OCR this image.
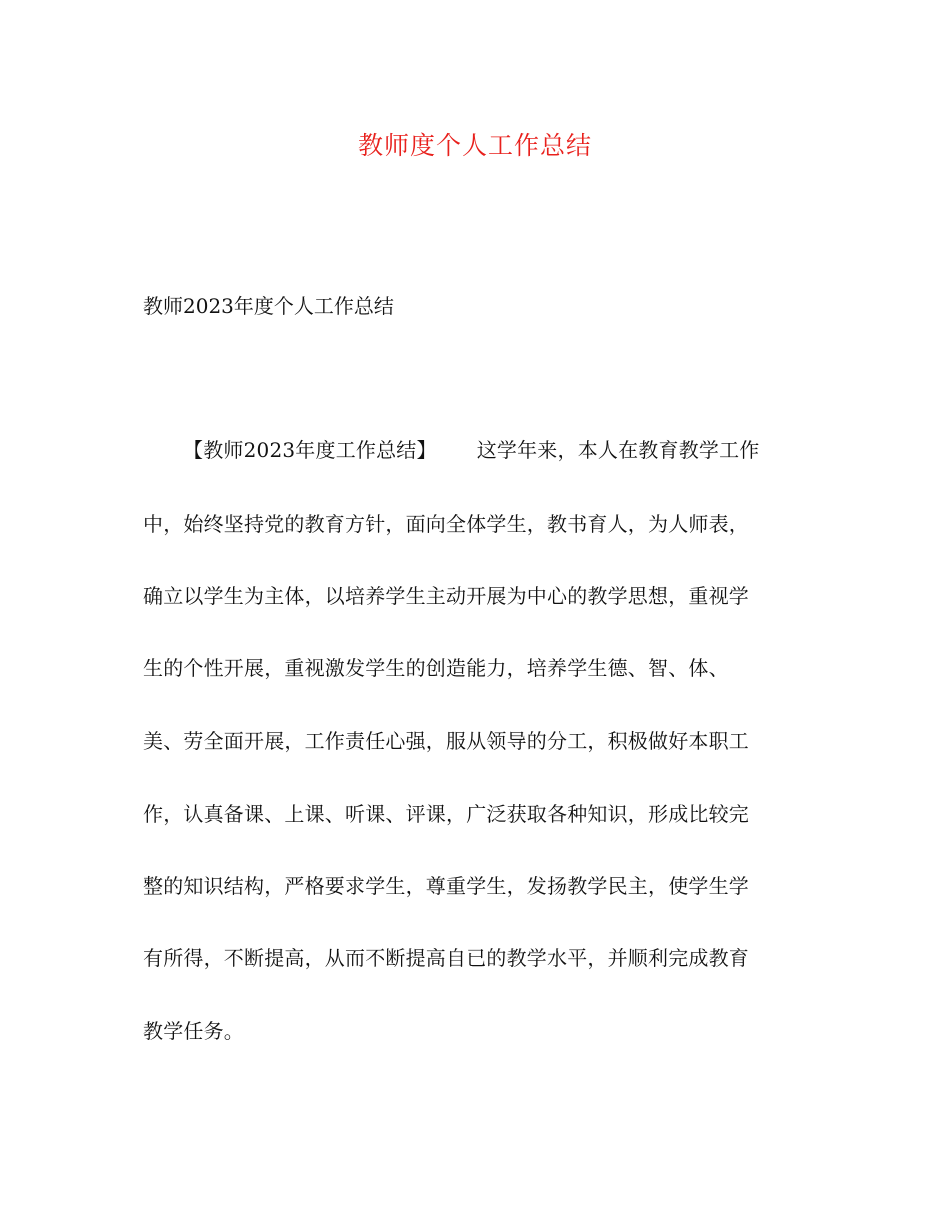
教师度个人工作总结
教师2023年度个人工作总结
【教师2023年度工作总结】 这学年来，本人在教育教学工作
中，始终坚持党的教育方针，面向全体学生，教书育人，为人师表，
确立以学生为主体，以培养学生主动开展为中心的教学思想，重视学
生的个性开展，重视激发学生的创造能力，培养学生德、智、体、
美、劳全面开展，工作责任心强，服从领导的分工，积极做好本职工
作，认真备课、上课、听课、评课，广泛获取各种知识，形成比较完
整的知识结构，严格要求学生，尊重学生，发扬教学民主，使学生学
有所得，不断提高，从而不断提高自已的教学水平，并顺利完成教育
教学任务。
